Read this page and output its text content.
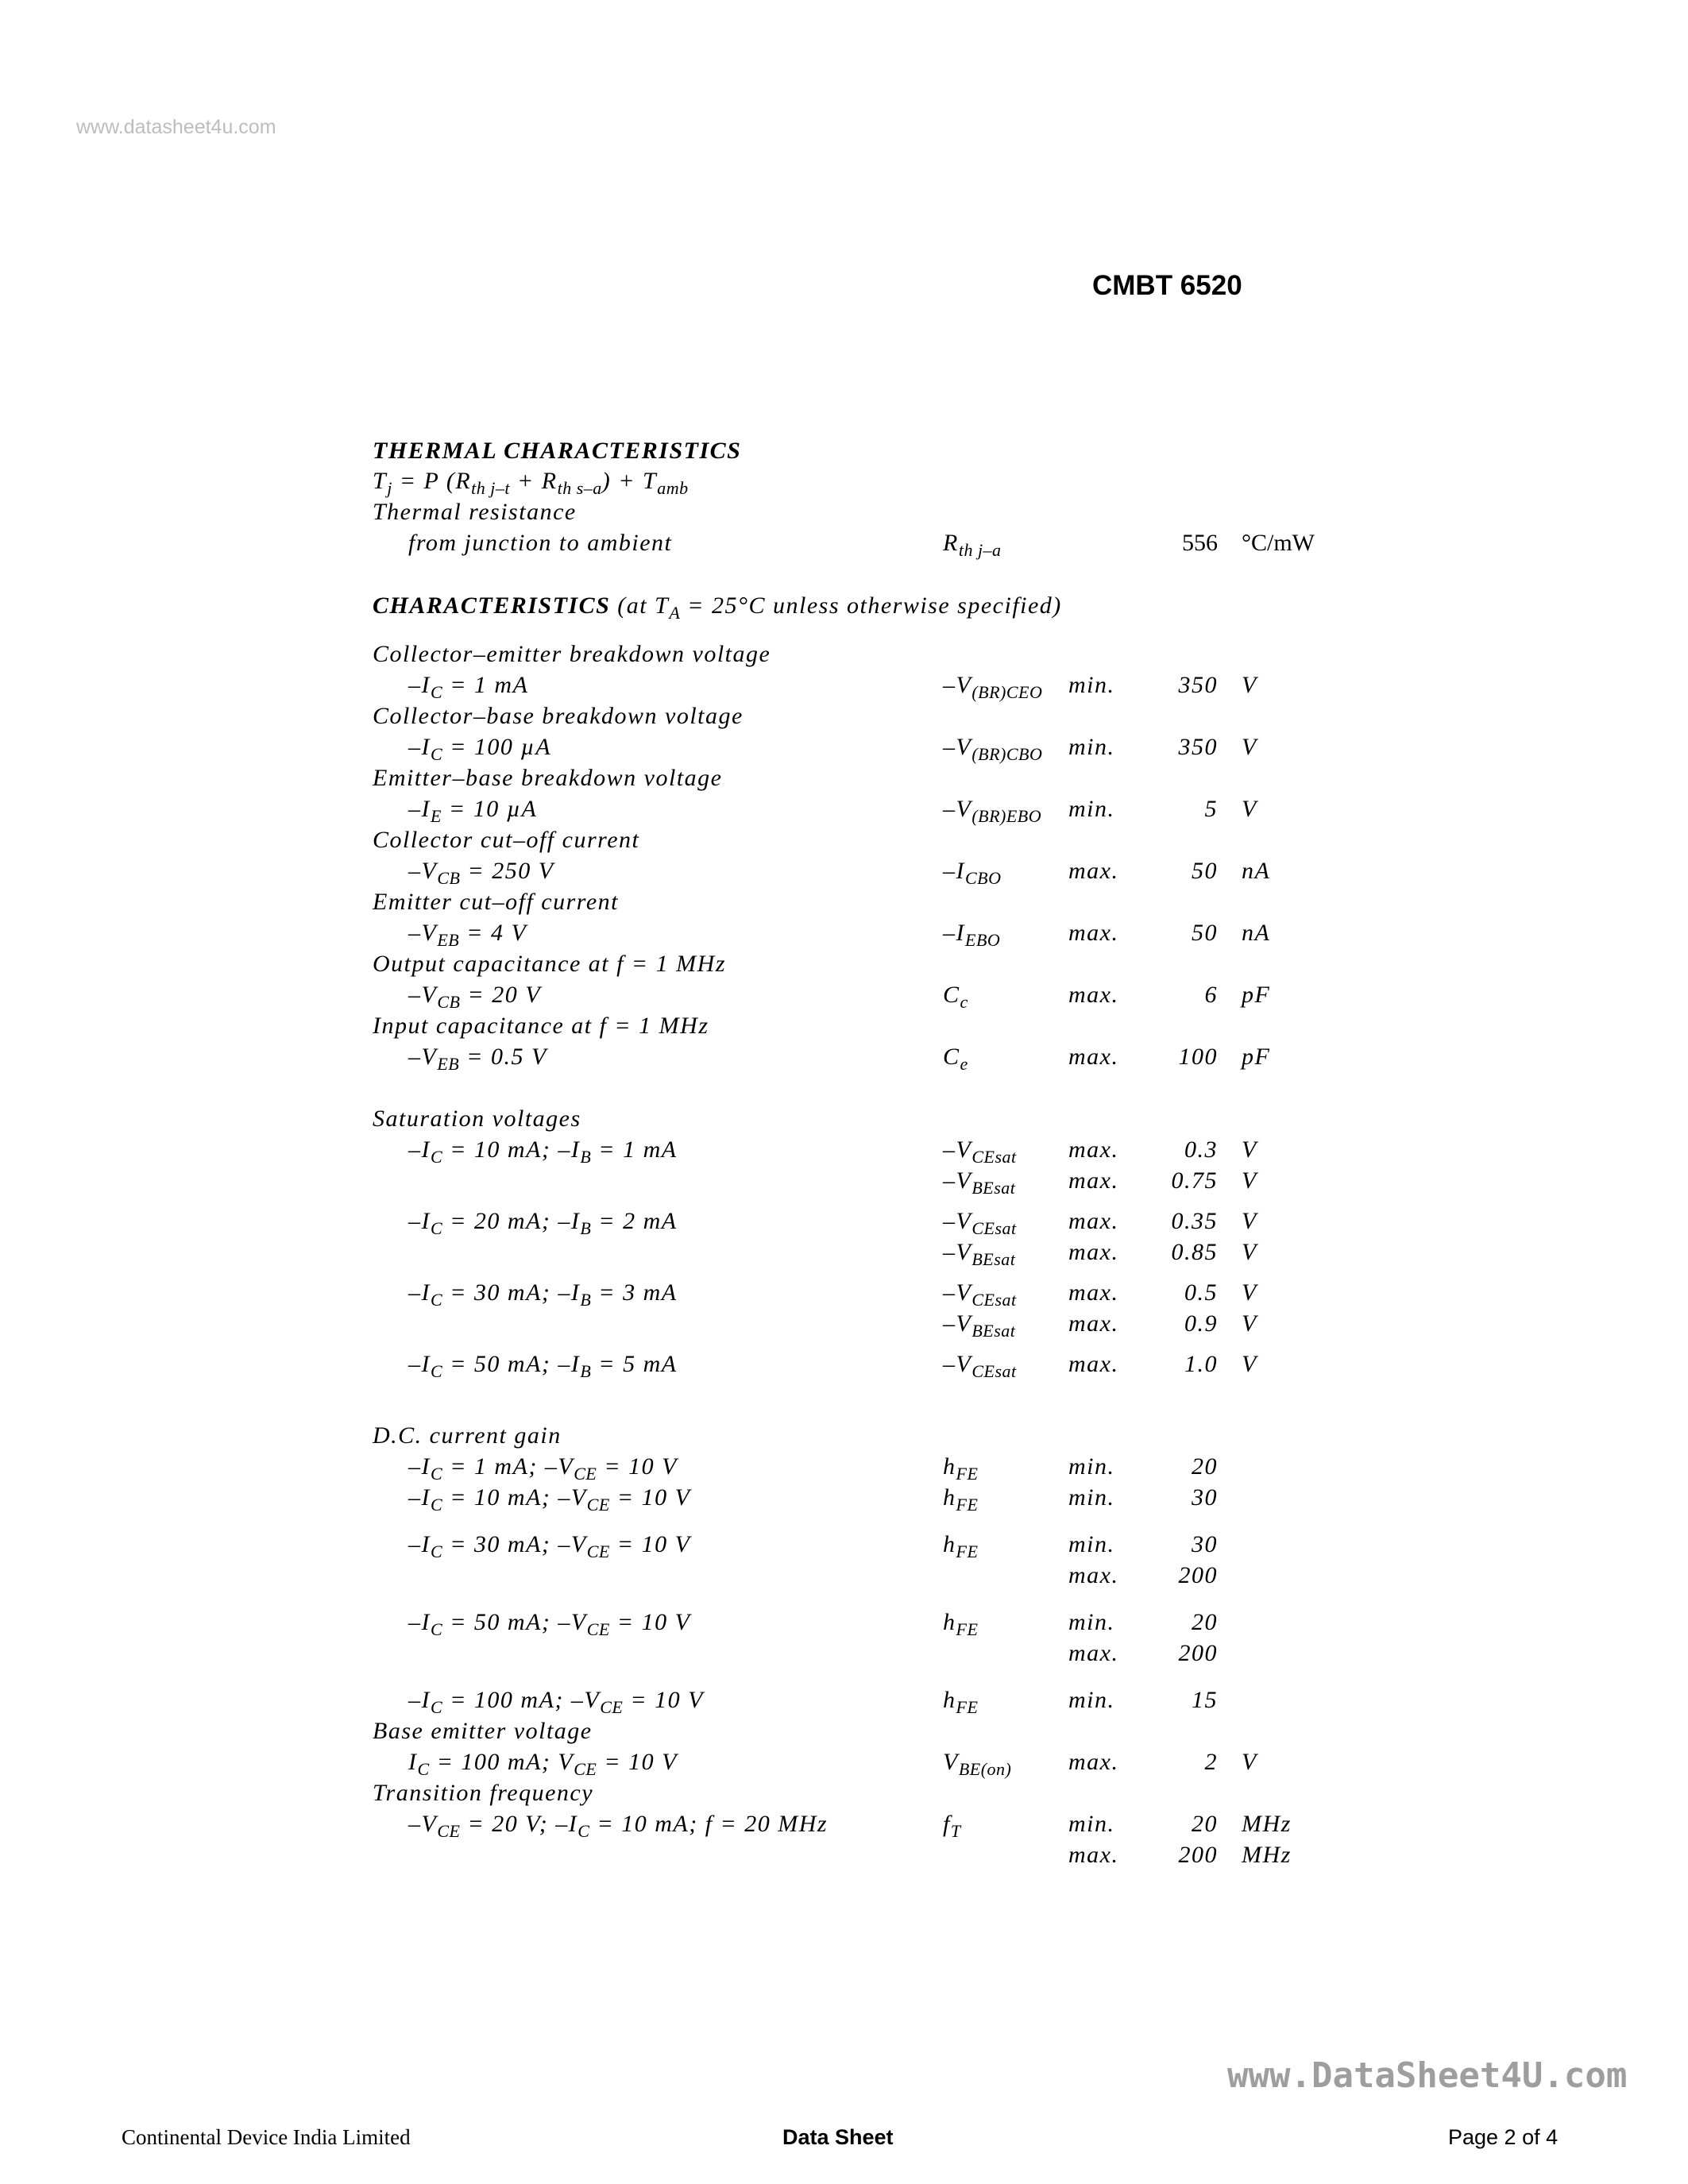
www.datasheet4u.com
CMBT 6520
THERMAL CHARACTERISTICS
$T_j = P$ $(R_{th j-t} + R_{th s-a}) + T_{amb}$
Thermal resistance
from junction to ambient	$R_{th j-a}$	556 °C/mW
CHARACTERISTICS (at $T_A = 25^\circ C$ unless otherwise specified)
Collector–emitter breakdown voltage
$-I_C = 1$ mA	$-V_{(BR)CEO}$ min.	350 V
Collector–base breakdown voltage
$-I_C = 100$ µA	$-V_{(BR)CBO}$ min.	350 V
Emitter–base breakdown voltage
$-I_E = 10$ µA	$-V_{(BR)EBO}$ min.	5 V
Collector cut–off current
$-V_{CB} = 250$ V	$-I_{CBO}$	max.	50 nA
Emitter cut–off current
$-V_{EB} = 4$ V	$-I_{EBO}$	max.	50 nA
Output capacitance at f = 1 MHz
$-V_{CB} = 20$ V	$C_c$	max.	6 pF
Input capacitance at f = 1 MHz
$-V_{EB} = 0.5$ V	$C_e$	max.	100 pF
Saturation voltages
$-I_C = 10$ mA; $-I_B = 1$ mA	$-V_{CEsat}$ max.	0.3 V
$-V_{BEsat}$ max.	0.75 V
$-I_C = 20$ mA; $-I_B = 2$ mA	$-V_{CEsat}$ max.	0.35 V
$-V_{BEsat}$ max.	0.85 V
$-I_C = 30$ mA; $-I_B = 3$ mA	$-V_{CEsat}$ max.	0.5 V
$-V_{BEsat}$ max.	0.9 V
$-I_C = 50$ mA; $-I_B = 5$ mA	$-V_{CEsat}$ max.	1.0 V
D.C. current gain
$-I_C = 1$ mA; $-V_{CE} = 10$ V	$h_{FE}$	min.	20
$-I_C = 10$ mA; $-V_{CE} = 10$ V	$h_{FE}$	min.	30
$-I_C = 30$ mA; $-V_{CE} = 10$ V	$h_{FE}$	min.	30
max.	200
$-I_C = 50$ mA; $-V_{CE} = 10$ V	$h_{FE}$	min.	20
max.	200
$-I_C = 100$ mA; $-V_{CE} = 10$ V	$h_{FE}$	min.	15
Base emitter voltage
$I_C = 100$ mA; $V_{CE} = 10$ V	$V_{BE(on)}$ max.	2 V
Transition frequency
$-V_{CE} = 20$ V; $-I_C = 10$ mA; f = 20 MHz	$f_T$	min.	20 MHz
max.	200 MHz
www.DataSheet4U.com
Continental Device India Limited	Data Sheet	Page 2 of 4
